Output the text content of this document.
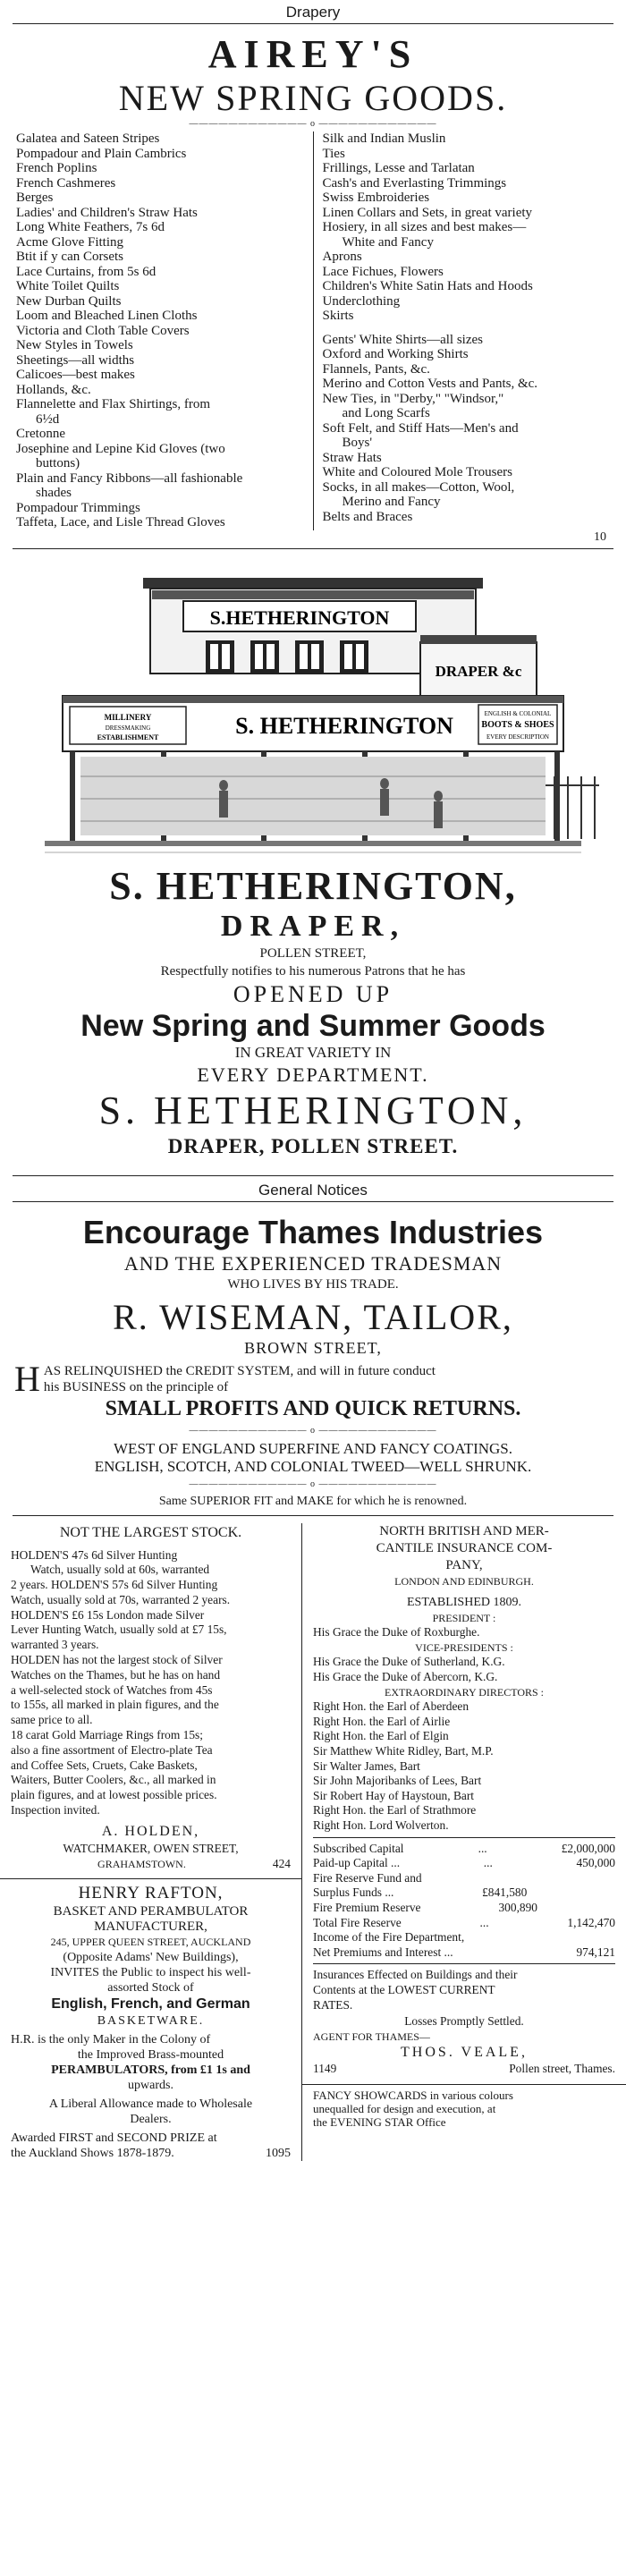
Drapery
AIREY'S
NEW SPRING GOODS.
———————————— o ————————————
Galatea and Sateen Stripes
Pompadour and Plain Cambrics
French Poplins
French Cashmeres
Berges
Ladies' and Children's Straw Hats
Long White Feathers, 7s 6d
Acme Glove Fitting
Btit if y can Corsets
Lace Curtains, from 5s 6d
White Toilet Quilts
New Durban Quilts
Loom and Bleached Linen Cloths
Victoria and Cloth Table Covers
New Styles in Towels
Sheetings—all widths
Calicoes—best makes
Hollands, &c.
Flannelette and Flax Shirtings, from
6½d
Cretonne
Josephine and Lepine Kid Gloves (two
buttons)
Plain and Fancy Ribbons—all fashionable
shades
Pompadour Trimmings
Taffeta, Lace, and Lisle Thread Gloves
Silk and Indian Muslin
Ties
Frillings, Lesse and Tarlatan
Cash's and Everlasting Trimmings
Swiss Embroideries
Linen Collars and Sets, in great variety
Hosiery, in all sizes and best makes—
White and Fancy
Aprons
Lace Fichues, Flowers
Children's White Satin Hats and Hoods
Underclothing
Skirts
Gents' White Shirts—all sizes
Oxford and Working Shirts
Flannels, Pants, &c.
Merino and Cotton Vests and Pants, &c.
New Ties, in "Derby," "Windsor,"
and Long Scarfs
Soft Felt, and Stiff Hats—Men's and
Boys'
Straw Hats
White and Coloured Mole Trousers
Socks, in all makes—Cotton, Wool,
Merino and Fancy
Belts and Braces
10
S.HETHERINGTON
DRAPER &c
MILLINERY
DRESSMAKING
ESTABLISHMENT	S. HETHERINGTON	ENGLISH & COLONIAL
BOOTS & SHOES
EVERY DESCRIPTION
S. HETHERINGTON,
DRAPER,
POLLEN STREET,
Respectfully notifies to his numerous Patrons that he has
OPENED UP
New Spring and Summer Goods
IN GREAT VARIETY IN
EVERY DEPARTMENT.
S. HETHERINGTON,
DRAPER, POLLEN STREET.
General Notices
Encourage Thames Industries
AND THE EXPERIENCED TRADESMAN
WHO LIVES BY HIS TRADE.
R. WISEMAN, TAILOR,
BROWN STREET,
H AS RELINQUISHED the CREDIT SYSTEM, and will in future conduct
his BUSINESS on the principle of
SMALL PROFITS AND QUICK RETURNS.
———————————— o ————————————
WEST OF ENGLAND SUPERFINE AND FANCY COATINGS.
ENGLISH, SCOTCH, AND COLONIAL TWEED—WELL SHRUNK.
———————————— o ————————————
Same SUPERIOR FIT and MAKE for which he is renowned.
NOT THE LARGEST STOCK.
HOLDEN'S 47s 6d Silver Hunting
Watch, usually sold at 60s, warranted
2 years. HOLDEN'S 57s 6d Silver Hunting
Watch, usually sold at 70s, warranted 2 years.
HOLDEN'S £6 15s London made Silver
Lever Hunting Watch, usually sold at £7 15s,
warranted 3 years.
HOLDEN has not the largest stock of Silver
Watches on the Thames, but he has on hand
a well-selected stock of Watches from 45s
to 155s, all marked in plain figures, and the
same price to all.
18 carat Gold Marriage Rings from 15s;
also a fine assortment of Electro-plate Tea
and Coffee Sets, Cruets, Cake Baskets,
Waiters, Butter Coolers, &c., all marked in
plain figures, and at lowest possible prices.
Inspection invited.
A. HOLDEN,
WATCHMAKER, OWEN STREET,
GRAHAMSTOWN.	424
HENRY RAFTON,
BASKET AND PERAMBULATOR
MANUFACTURER,
245, UPPER QUEEN STREET, AUCKLAND
(Opposite Adams' New Buildings),
INVITES the Public to inspect his well-
assorted Stock of
English, French, and German
BASKETWARE.
H.R. is the only Maker in the Colony of
the Improved Brass-mounted
PERAMBULATORS, from £1 1s and
upwards.
A Liberal Allowance made to Wholesale
Dealers.
Awarded FIRST and SECOND PRIZE at
the Auckland Shows 1878-1879.	1095
NORTH BRITISH AND MER-
CANTILE INSURANCE COM-
PANY,
LONDON AND EDINBURGH.
ESTABLISHED 1809.
PRESIDENT :
His Grace the Duke of Roxburghe.
VICE-PRESIDENTS :
His Grace the Duke of Sutherland, K.G.
His Grace the Duke of Abercorn, K.G.
EXTRAORDINARY DIRECTORS :
Right Hon. the Earl of Aberdeen
Right Hon. the Earl of Airlie
Right Hon. the Earl of Elgin
Sir Matthew White Ridley, Bart, M.P.
Sir Walter James, Bart
Sir John Majoribanks of Lees, Bart
Sir Robert Hay of Haystoun, Bart
Right Hon. the Earl of Strathmore
Right Hon. Lord Wolverton.
Subscribed Capital	...	£2,000,000
Paid-up Capital ...	...	450,000
Fire Reserve Fund and
Surplus Funds ...	£841,580
Fire Premium Reserve	300,890
Total Fire Reserve	...	1,142,470
Income of the Fire Department,
Net Premiums and Interest ...	974,121
Insurances Effected on Buildings and their
Contents at the LOWEST CURRENT
RATES.
Losses Promptly Settled.
AGENT FOR THAMES—
THOS. VEALE,
1149	Pollen street, Thames.
FANCY SHOWCARDS in various colours
unequalled for design and execution, at
the EVENING STAR Office
